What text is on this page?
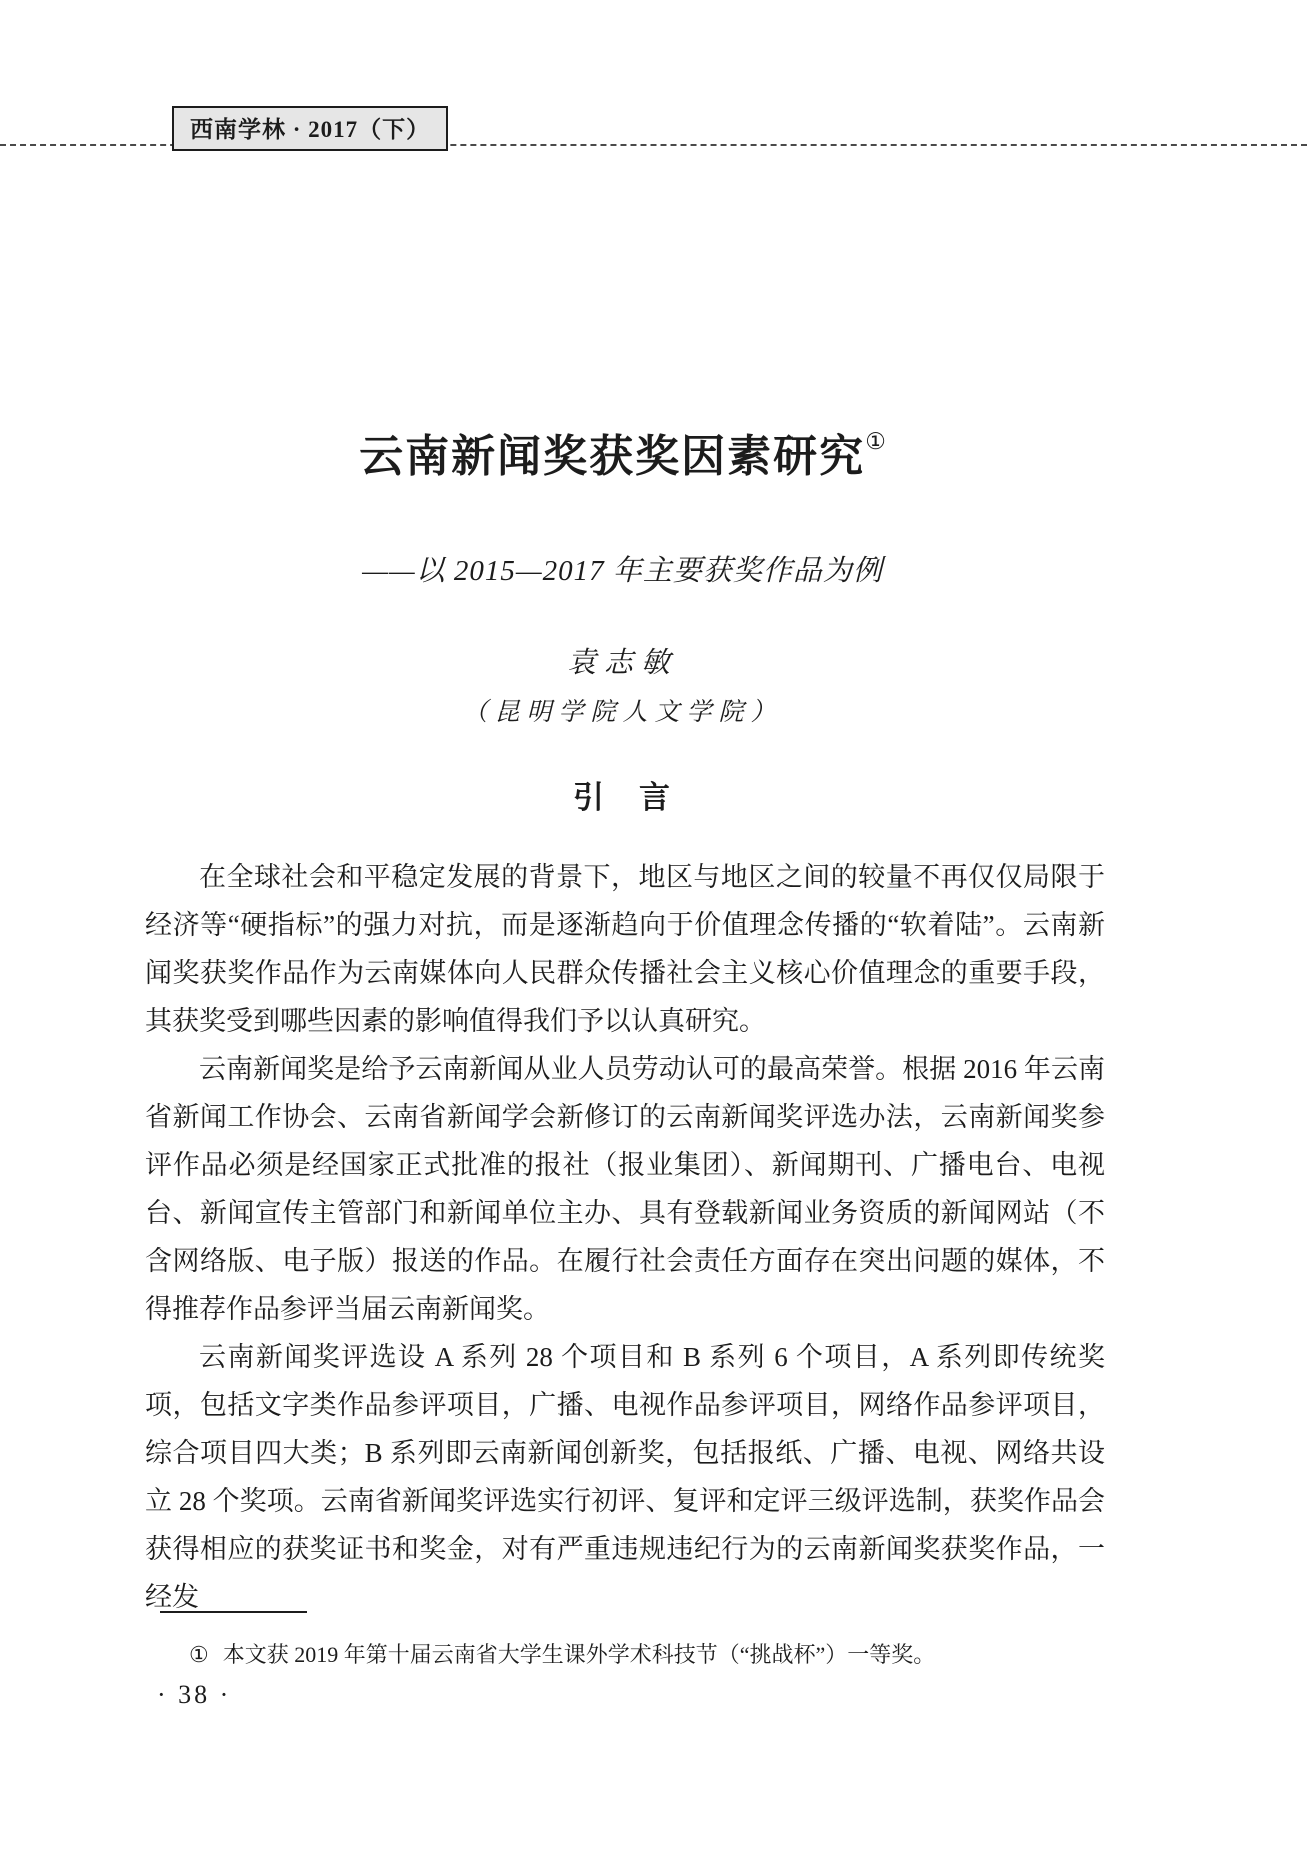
西南学林 · 2017（下）
云南新闻奖获奖因素研究①
——以 2015—2017 年主要获奖作品为例
袁志敏
（昆明学院人文学院）
引　言

在全球社会和平稳定发展的背景下，地区与地区之间的较量不再仅仅局限于经济等“硬指标”的强力对抗，而是逐渐趋向于价值理念传播的“软着陆”。云南新闻奖获奖作品作为云南媒体向人民群众传播社会主义核心价值理念的重要手段，其获奖受到哪些因素的影响值得我们予以认真研究。

云南新闻奖是给予云南新闻从业人员劳动认可的最高荣誉。根据 2016 年云南省新闻工作协会、云南省新闻学会新修订的云南新闻奖评选办法，云南新闻奖参评作品必须是经国家正式批准的报社（报业集团）、新闻期刊、广播电台、电视台、新闻宣传主管部门和新闻单位主办、具有登载新闻业务资质的新闻网站（不含网络版、电子版）报送的作品。在履行社会责任方面存在突出问题的媒体，不得推荐作品参评当届云南新闻奖。

云南新闻奖评选设 A 系列 28 个项目和 B 系列 6 个项目，A 系列即传统奖项，包括文字类作品参评项目，广播、电视作品参评项目，网络作品参评项目，综合项目四大类；B 系列即云南新闻创新奖，包括报纸、广播、电视、网络共设立 28 个奖项。云南省新闻奖评选实行初评、复评和定评三级评选制，获奖作品会获得相应的获奖证书和奖金，对有严重违规违纪行为的云南新闻奖获奖作品，一经发

① 本文获 2019 年第十届云南省大学生课外学术科技节（“挑战杯”）一等奖。
· 38 ·
